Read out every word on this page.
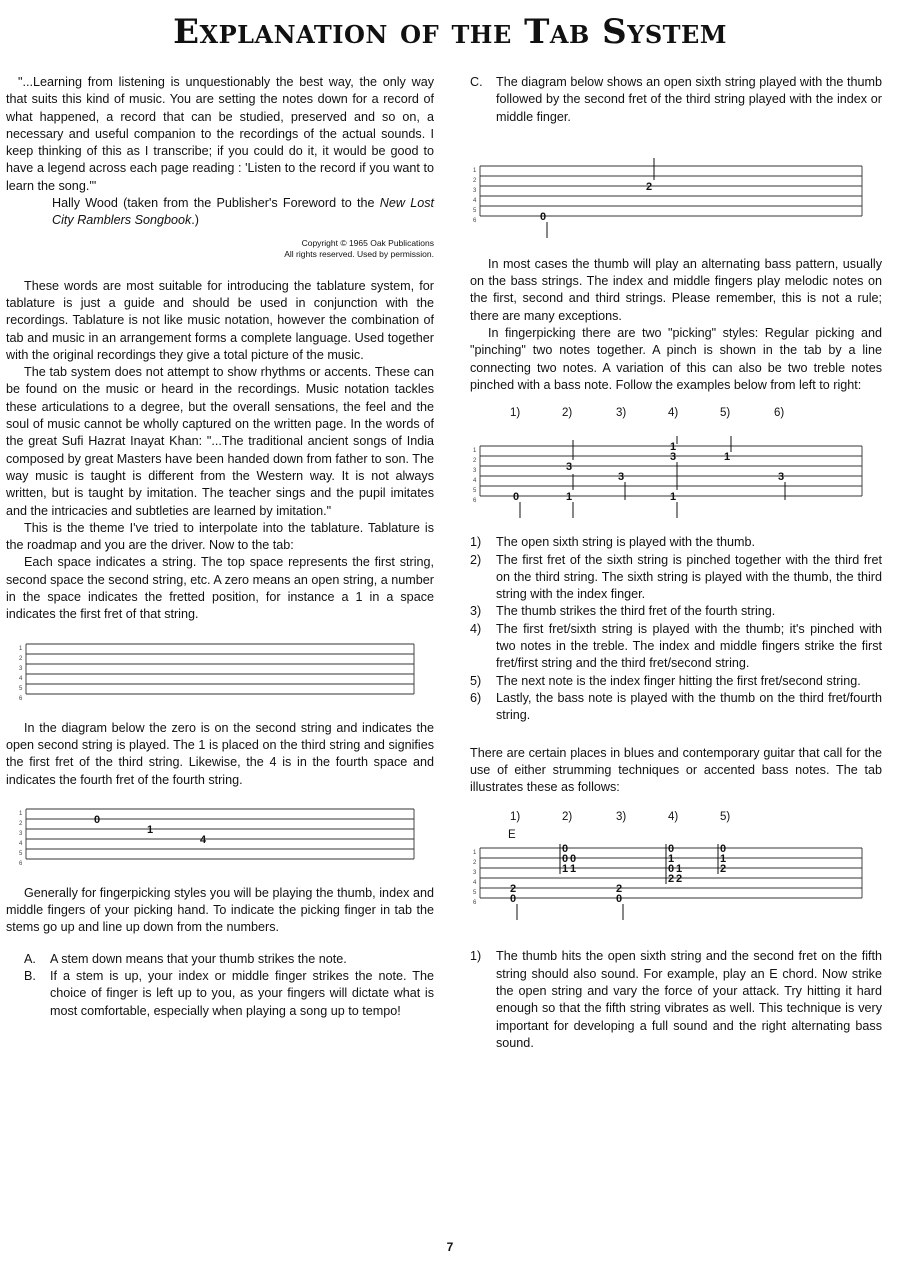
Explanation of the Tab System

"...Learning from listening is unquestionably the best way, the only way that suits this kind of music. You are setting the notes down for a record of what happened, a record that can be studied, preserved and so on, a necessary and useful companion to the recordings of the actual sounds. I keep thinking of this as I transcribe; if you could do it, it would be good to have a legend across each page reading : 'Listen to the record if you want to learn the song.'"

Hally Wood (taken from the Publisher's Foreword to the New Lost City Ramblers Songbook.)

Copyright © 1965 Oak Publications

All rights reserved. Used by permission.

These words are most suitable for introducing the tablature system, for tablature is just a guide and should be used in conjunction with the recordings. Tablature is not like music notation, however the combination of tab and music in an arrangement forms a complete language. Used together with the original recordings they give a total picture of the music.

The tab system does not attempt to show rhythms or accents. These can be found on the music or heard in the recordings. Music notation tackles these articulations to a degree, but the overall sensations, the feel and the soul of music cannot be wholly captured on the written page. In the words of the great Sufi Hazrat Inayat Khan: "...The traditional ancient songs of India composed by great Masters have been handed down from father to son. The way music is taught is different from the Western way. It is not always written, but is taught by imitation. The teacher sings and the pupil imitates and the intricacies and subtleties are learned by imitation."

This is the theme I've tried to interpolate into the tablature. Tablature is the roadmap and you are the driver. Now to the tab:

Each space indicates a string. The top space represents the first string, second space the second string, etc. A zero means an open string, a number in the space indicates the fretted position, for instance a 1 in a space indicates the first fret of that string.

1
2
3
4
5
6

In the diagram below the zero is on the second string and indicates the open second string is played. The 1 is placed on the third string and signifies the first fret of the third string. Likewise, the 4 is in the fourth space and indicates the fourth fret of the fourth string.

1
2
3
4
5
6
0
1
4

Generally for fingerpicking styles you will be playing the thumb, index and middle fingers of your picking hand. To indicate the picking finger in tab the stems go up and line up down from the numbers.

A.	A stem down means that your thumb strikes the note.
B.	If a stem is up, your index or middle finger strikes the note. The choice of finger is left up to you, as your fingers will dictate what is most comfortable, especially when playing a song up to tempo!
C.	The diagram below shows an open sixth string played with the thumb followed by the second fret of the third string played with the index or middle finger.
1
2
3
4
5
6
2
0

In most cases the thumb will play an alternating bass pattern, usually on the bass strings. The index and middle fingers play melodic notes on the first, second and third strings. Please remember, this is not a rule; there are many exceptions.

In fingerpicking there are two "picking" styles: Regular picking and "pinching" two notes together. A pinch is shown in the tab by a line connecting two notes. A variation of this can also be two treble notes pinched with a bass note. Follow the examples below from left to right:

1)	2)	3)	4)	5)	6)
1
2
3
4
5
6	0
3
1
3
1
3
1
1
3
1)	The open sixth string is played with the thumb.
2)	The first fret of the sixth string is pinched together with the third fret on the third string. The sixth string is played with the thumb, the third string with the index finger.
3)	The thumb strikes the third fret of the fourth string.
4)	The first fret/sixth string is played with the thumb; it's pinched with two notes in the treble. The index and middle fingers strike the first fret/first string and the third fret/second string.
5)	The next note is the index finger hitting the first fret/second string.
6)	Lastly, the bass note is played with the thumb on the third fret/fourth string.

There are certain places in blues and contemporary guitar that call for the use of either strumming techniques or accented bass notes. The tab illustrates these as follows:

1)	2)	3)	4)	5)
E
1
2
3
4
5
6
2
0
0
0
1
0
1
2
0
0
1
0
2
1
2
0
1
2
1)	The thumb hits the open sixth string and the second fret on the fifth string should also sound. For example, play an E chord. Now strike the open string and vary the force of your attack. Try hitting it hard enough so that the fifth string vibrates as well. This technique is very important for developing a full sound and the right alternating bass sound.
7
